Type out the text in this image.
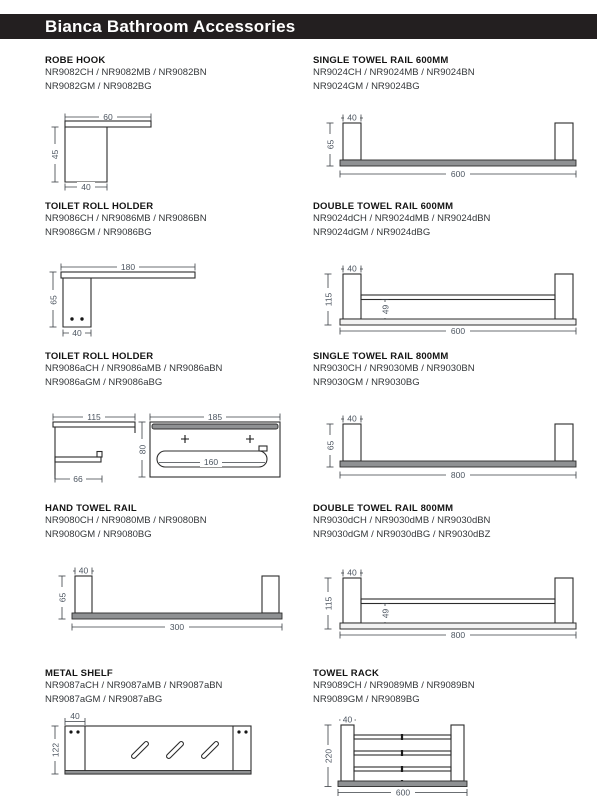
Bianca Bathroom Accessories
ROBE HOOK
NR9082CH / NR9082MB / NR9082BN
NR9082GM / NR9082BG
60
45
40
SINGLE TOWEL RAIL 600MM
NR9024CH / NR9024MB / NR9024BN
NR9024GM / NR9024BG
40
65
600
TOILET ROLL HOLDER
NR9086CH / NR9086MB / NR9086BN
NR9086GM / NR9086BG
180
65
40
DOUBLE TOWEL RAIL 600MM
NR9024dCH / NR9024dMB / NR9024dBN
NR9024dGM / NR9024dBG
40
115
49
600
TOILET ROLL HOLDER
NR9086aCH / NR9086aMB / NR9086aBN
NR9086aGM / NR9086aBG
115
66
185
160
80
SINGLE TOWEL RAIL 800MM
NR9030CH / NR9030MB / NR9030BN
NR9030GM / NR9030BG
40
65
800
HAND TOWEL RAIL
NR9080CH / NR9080MB / NR9080BN
NR9080GM / NR9080BG
40
65
300
DOUBLE TOWEL RAIL 800MM
NR9030dCH / NR9030dMB / NR9030dBN
NR9030dGM / NR9030dBG / NR9030dBZ
40
115
49
800
METAL SHELF
NR9087aCH / NR9087aMB / NR9087aBN
NR9087aGM / NR9087aBG
40
122
TOWEL RACK
NR9089CH / NR9089MB / NR9089BN
NR9089GM / NR9089BG
40
220
600
